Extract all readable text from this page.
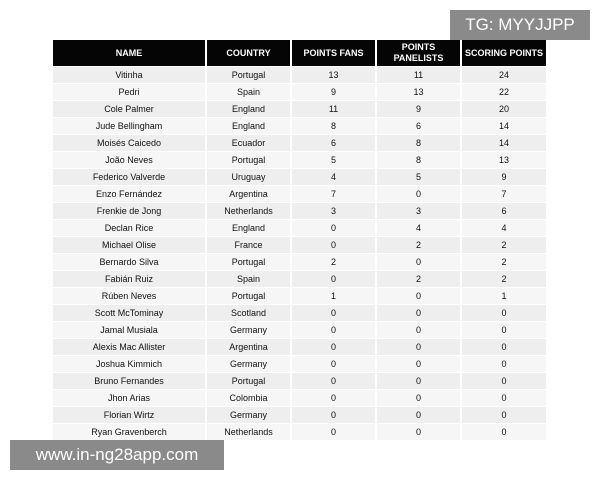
TG: MYYJJPP
NAME	COUNTRY	POINTS FANS	POINTS PANELISTS	SCORING POINTS
Vitinha	Portugal	13	11	24
Pedri	Spain	9	13	22
Cole Palmer	England	11	9	20
Jude Bellingham	England	8	6	14
Moisés Caicedo	Ecuador	6	8	14
João Neves	Portugal	5	8	13
Federico Valverde	Uruguay	4	5	9
Enzo Fernández	Argentina	7	0	7
Frenkie de Jong	Netherlands	3	3	6
Declan Rice	England	0	4	4
Michael Olise	France	0	2	2
Bernardo Silva	Portugal	2	0	2
Fabián Ruiz	Spain	0	2	2
Rúben Neves	Portugal	1	0	1
Scott McTominay	Scotland	0	0	0
Jamal Musiala	Germany	0	0	0
Alexis Mac Allister	Argentina	0	0	0
Joshua Kimmich	Germany	0	0	0
Bruno Fernandes	Portugal	0	0	0
Jhon Arias	Colombia	0	0	0
Florian Wirtz	Germany	0	0	0
Ryan Gravenberch	Netherlands	0	0	0
www.in-ng28app.com
